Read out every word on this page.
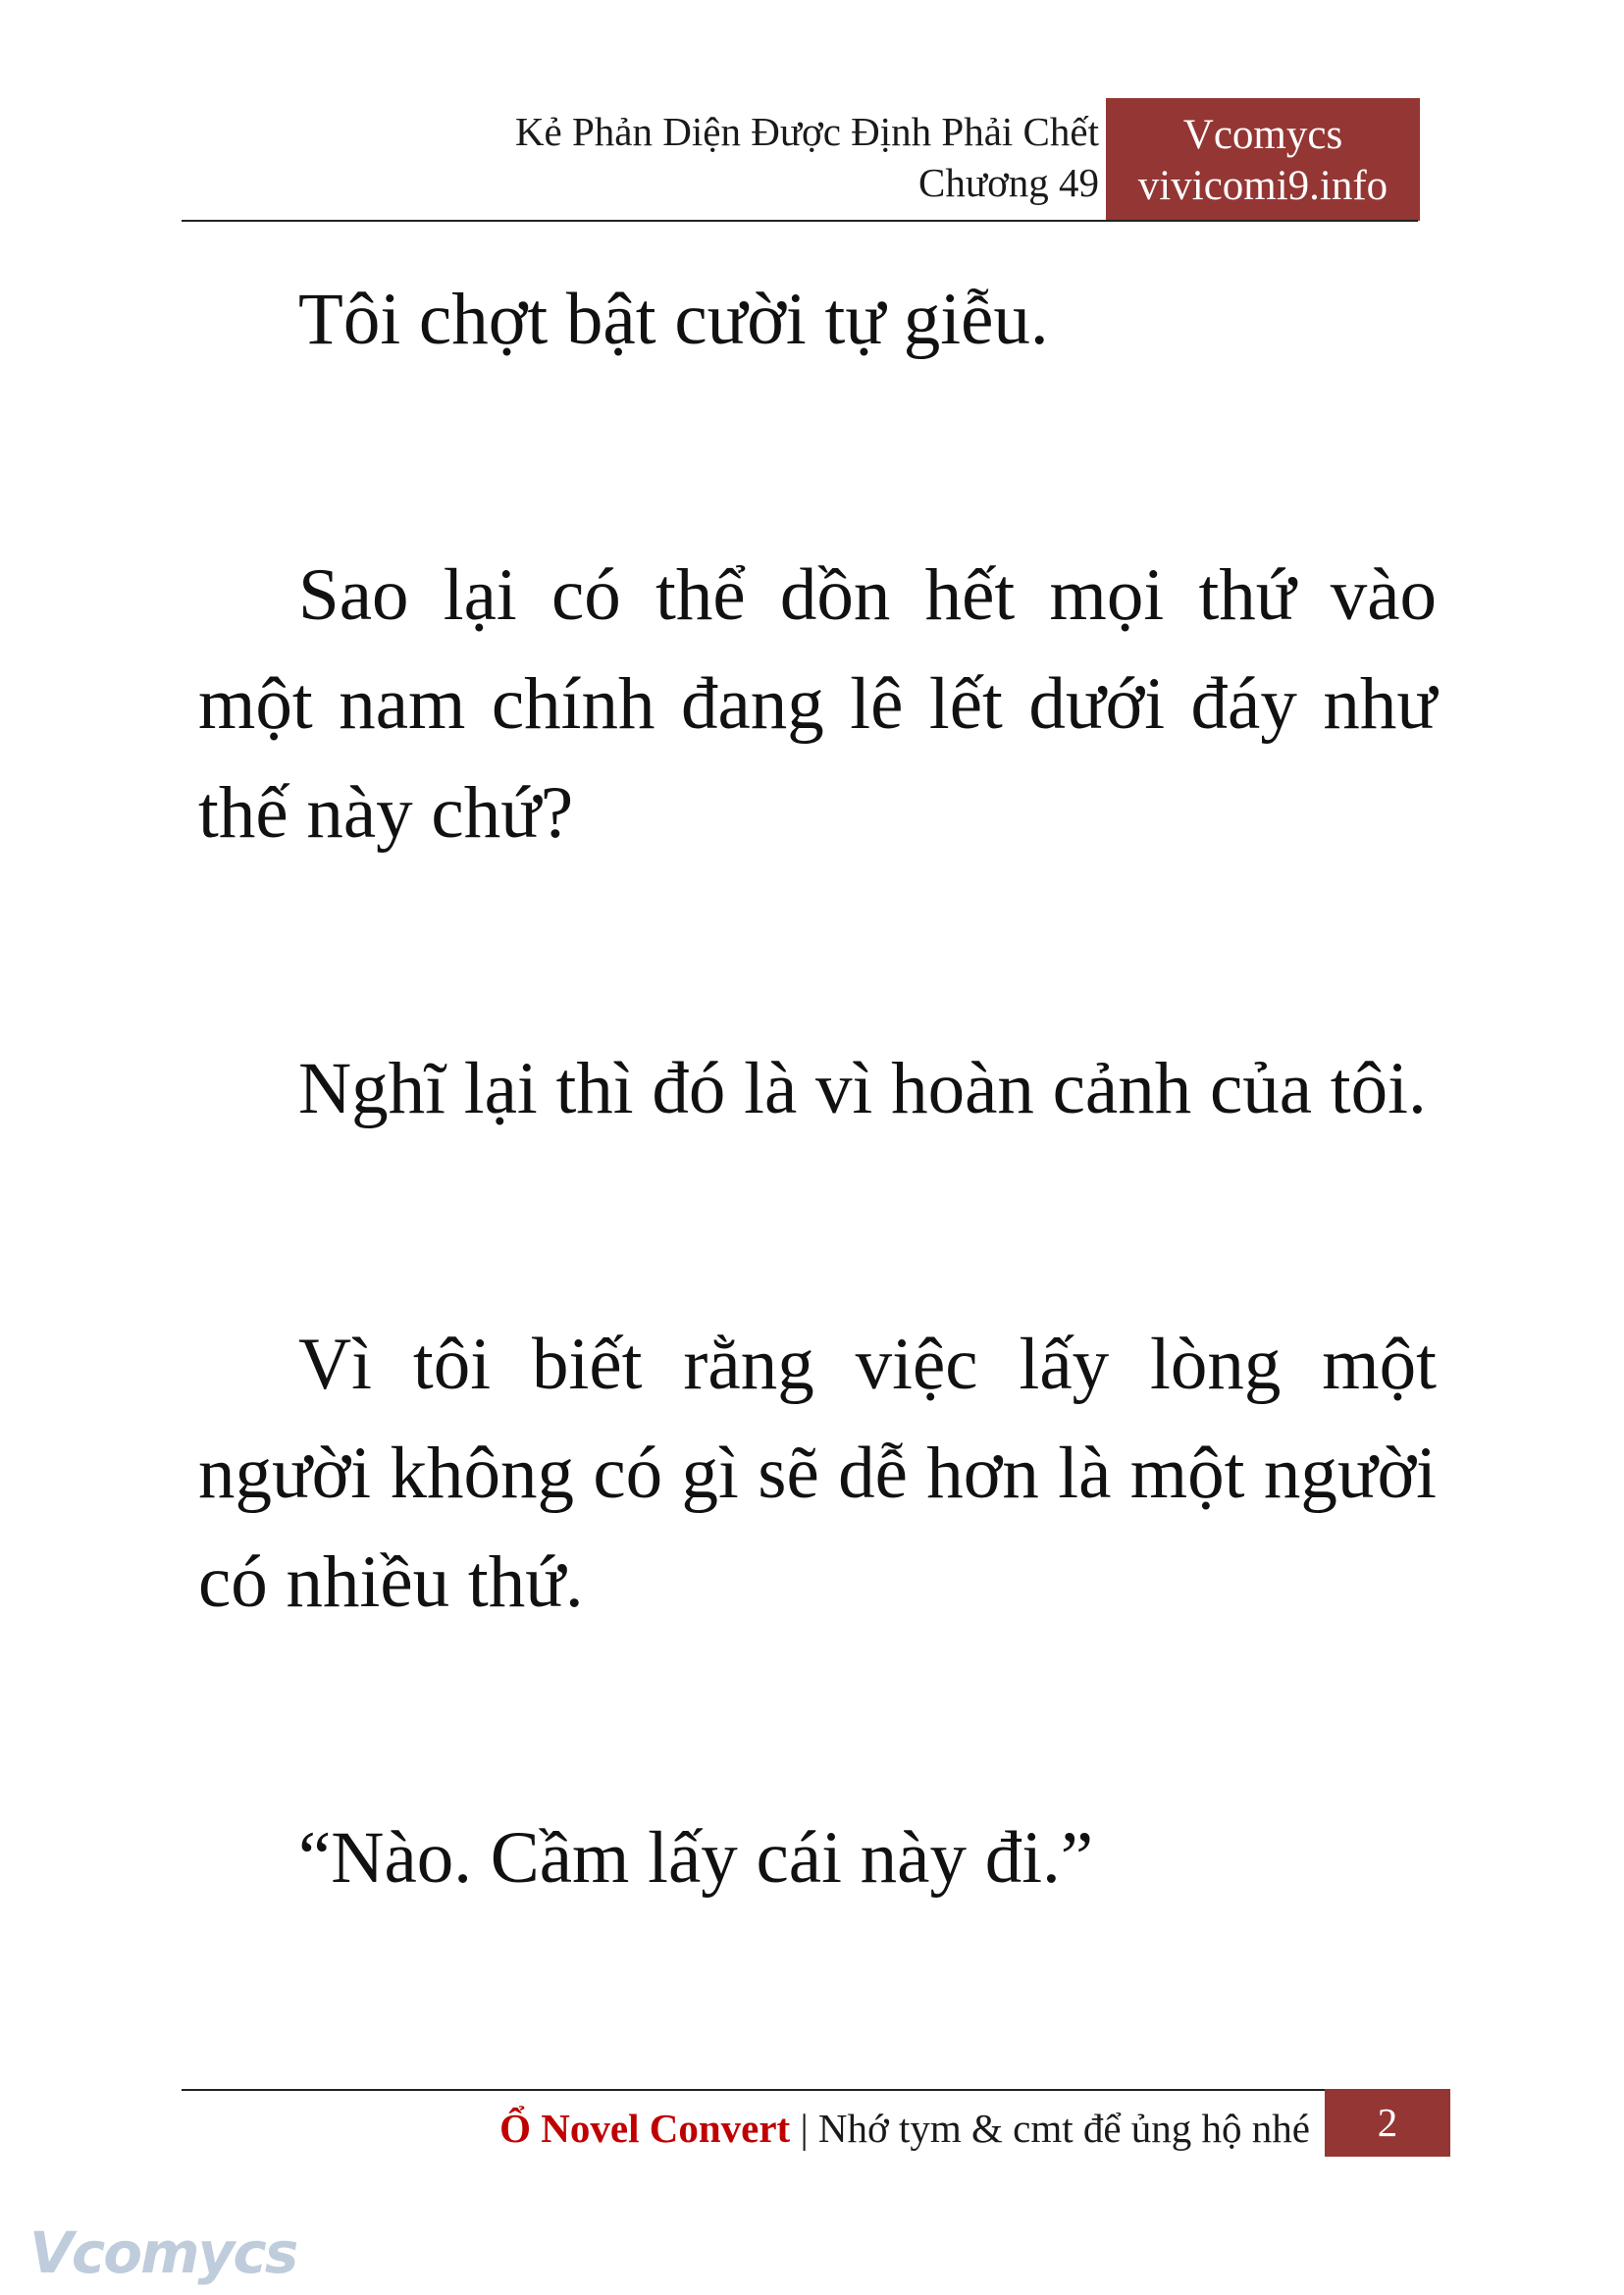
Kẻ Phản Diện Được Định Phải Chết
Chương 49
Vcomycs
vivicomi9.info

Tôi chợt bật cười tự giễu.

Sao lại có thể dồn hết mọi thứ vào một nam chính đang lê lết dưới đáy như thế này chứ?

Nghĩ lại thì đó là vì hoàn cảnh của tôi.

Vì tôi biết rằng việc lấy lòng một người không có gì sẽ dễ hơn là một người có nhiều thứ.

“Nào. Cầm lấy cái này đi.”

Ổ Novel Convert | Nhớ tym & cmt để ủng hộ nhé	2
Vcomycs
